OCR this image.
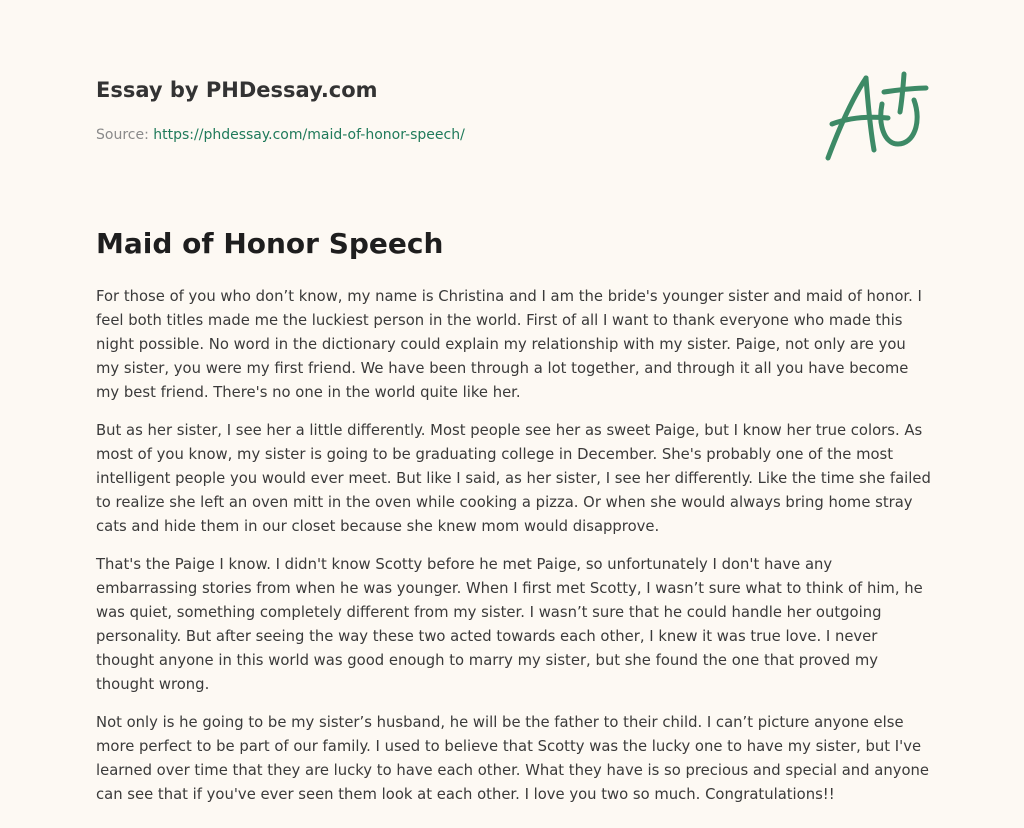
Essay by PHDessay.com
Source: https://phdessay.com/maid-of-honor-speech/
Maid of Honor Speech

For those of you who don’t know, my name is Christina and I am the bride's younger sister and maid of honor. I feel both titles made me the luckiest person in the world. First of all I want to thank everyone who made this night possible. No word in the dictionary could explain my relationship with my sister. Paige, not only are you my sister, you were my first friend. We have been through a lot together, and through it all you have become my best friend. There's no one in the world quite like her.

But as her sister, I see her a little differently. Most people see her as sweet Paige, but I know her true colors. As most of you know, my sister is going to be graduating college in December. She's probably one of the most intelligent people you would ever meet. But like I said, as her sister, I see her differently. Like the time she failed to realize she left an oven mitt in the oven while cooking a pizza. Or when she would always bring home stray cats and hide them in our closet because she knew mom would disapprove.

That's the Paige I know. I didn't know Scotty before he met Paige, so unfortunately I don't have any embarrassing stories from when he was younger. When I first met Scotty, I wasn’t sure what to think of him, he was quiet, something completely different from my sister. I wasn’t sure that he could handle her outgoing personality. But after seeing the way these two acted towards each other, I knew it was true love. I never thought anyone in this world was good enough to marry my sister, but she found the one that proved my thought wrong.

Not only is he going to be my sister’s husband, he will be the father to their child. I can’t picture anyone else more perfect to be part of our family. I used to believe that Scotty was the lucky one to have my sister, but I've learned over time that they are lucky to have each other. What they have is so precious and special and anyone can see that if you've ever seen them look at each other. I love you two so much. Congratulations!!
